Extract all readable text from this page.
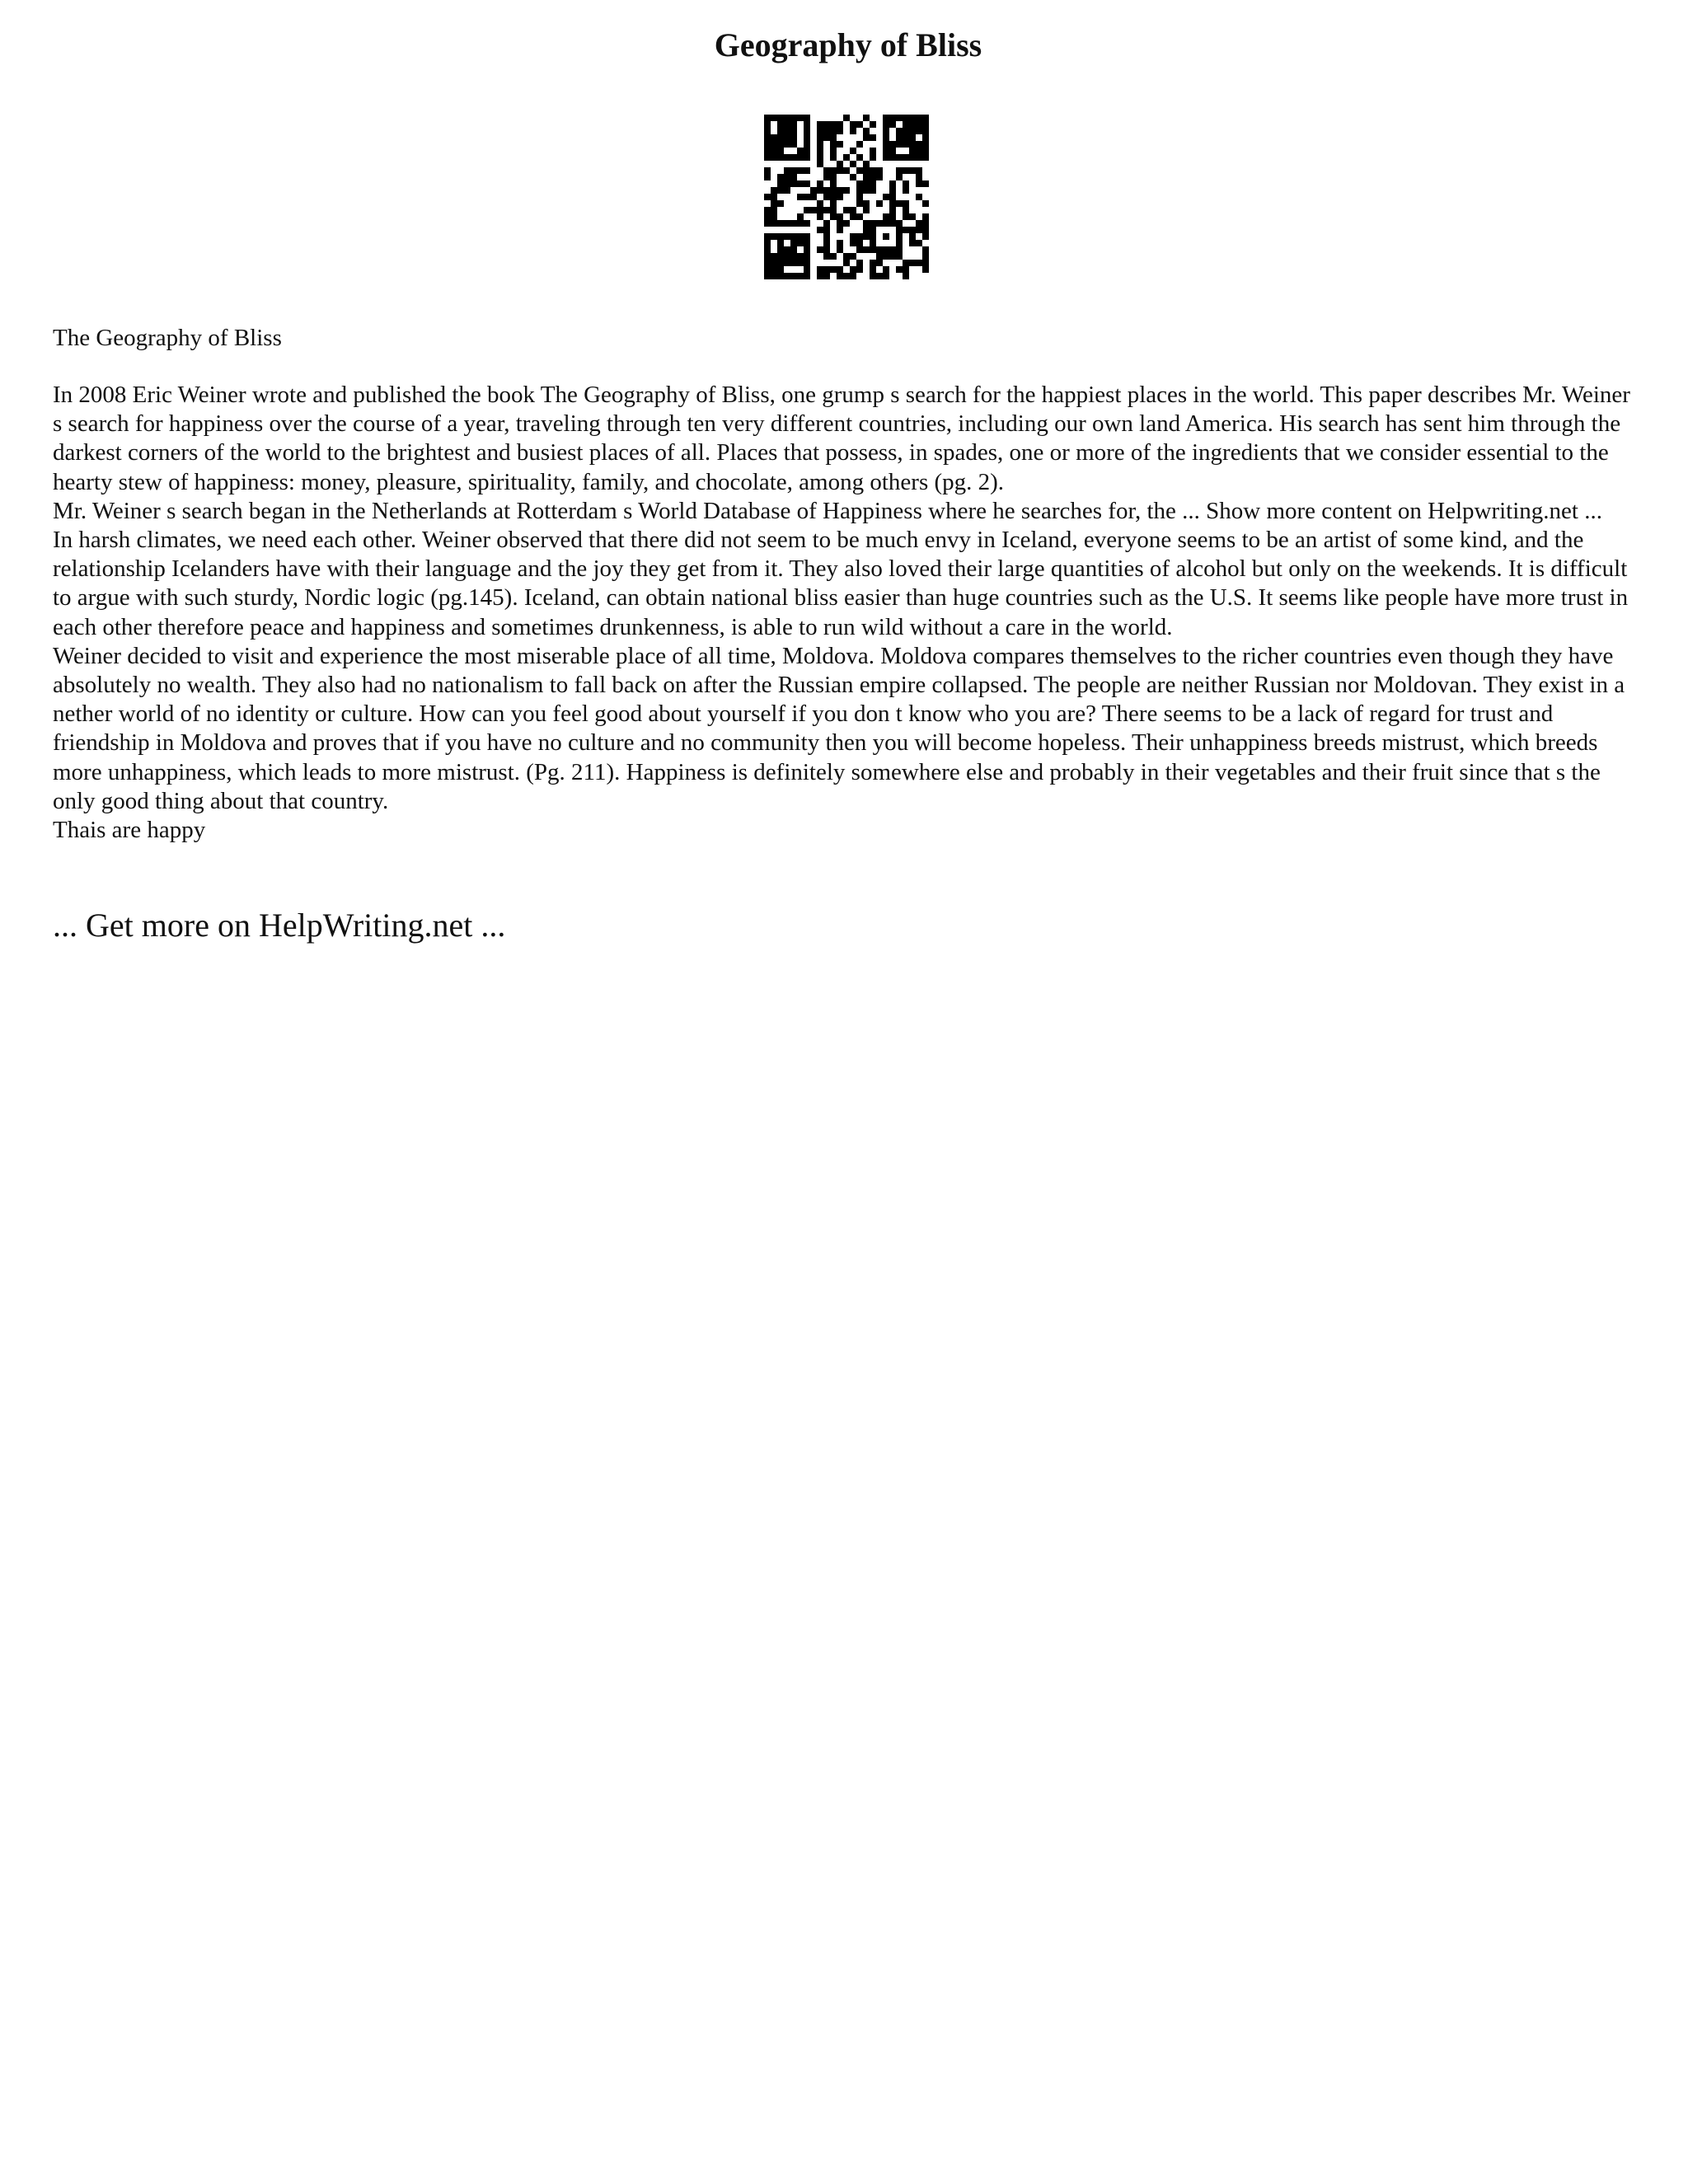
Geography of Bliss
The Geography of Bliss

In 2008 Eric Weiner wrote and published the book The Geography of Bliss, one grump s search for the happiest places in the world. This paper describes Mr. Weiner s search for happiness over the course of a year, traveling through ten very different countries, including our own land America. His search has sent him through the darkest corners of the world to the brightest and busiest places of all. Places that possess, in spades, one or more of the ingredients that we consider essential to the hearty stew of happiness: money, pleasure, spirituality, family, and chocolate, among others (pg. 2).

Mr. Weiner s search began in the Netherlands at Rotterdam s World Database of Happiness where he searches for, the ... Show more content on Helpwriting.net ...

In harsh climates, we need each other. Weiner observed that there did not seem to be much envy in Iceland, everyone seems to be an artist of some kind, and the relationship Icelanders have with their language and the joy they get from it. They also loved their large quantities of alcohol but only on the weekends. It is difficult to argue with such sturdy, Nordic logic (pg.145). Iceland, can obtain national bliss easier than huge countries such as the U.S. It seems like people have more trust in each other therefore peace and happiness and sometimes drunkenness, is able to run wild without a care in the world.

Weiner decided to visit and experience the most miserable place of all time, Moldova. Moldova compares themselves to the richer countries even though they have absolutely no wealth. They also had no nationalism to fall back on after the Russian empire collapsed. The people are neither Russian nor Moldovan. They exist in a nether world of no identity or culture. How can you feel good about yourself if you don t know who you are? There seems to be a lack of regard for trust and friendship in Moldova and proves that if you have no culture and no community then you will become hopeless. Their unhappiness breeds mistrust, which breeds more unhappiness, which leads to more mistrust. (Pg. 211). Happiness is definitely somewhere else and probably in their vegetables and their fruit since that s the only good thing about that country.

Thais are happy

... Get more on HelpWriting.net ...
